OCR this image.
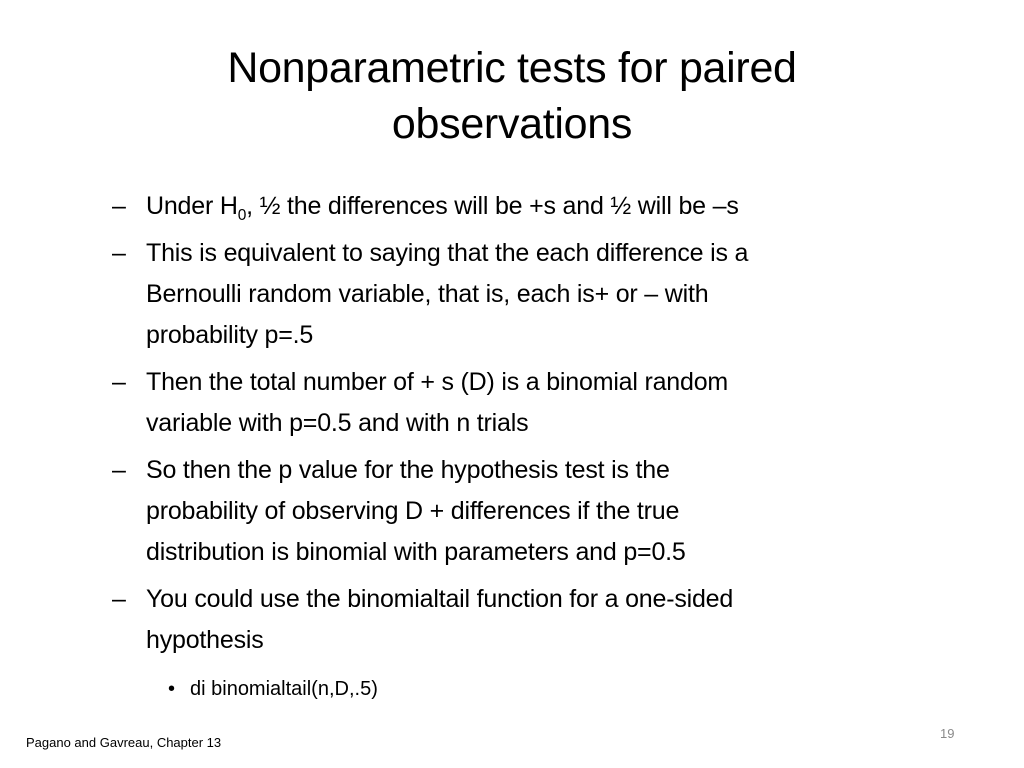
Nonparametric tests for paired
observations
– Under $H_0$, ½ the differences will be +s and ½ will be –s
– This is equivalent to saying that the each difference is a
Bernoulli random variable, that is, each is+ or – with
probability p=.5
– Then the total number of + s (D) is a binomial random
variable with p=0.5 and with n trials
– So then the p value for the hypothesis test is the
probability of observing D + differences if the true
distribution is binomial with parameters and p=0.5
– You could use the binomialtail function for a one-sided
hypothesis
• di binomialtail(n,D,.5)
Pagano and Gavreau, Chapter 13
19
